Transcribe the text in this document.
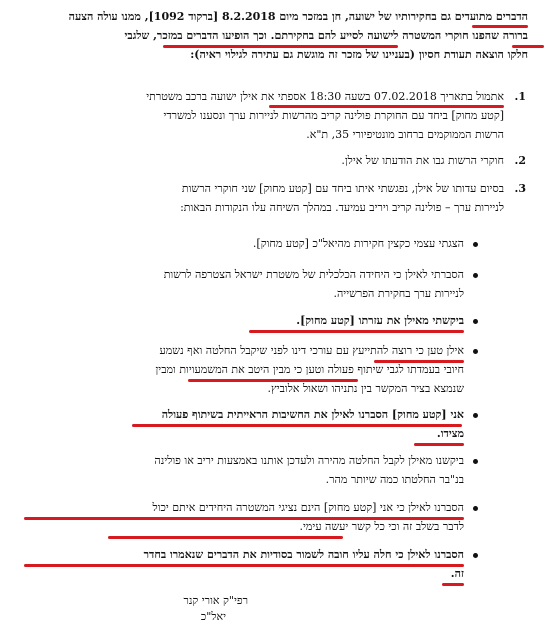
הדברים מתועדים גם בחקירותיו של ישועה, חן במזכר מיום 8.2.2018 [ברקוד 1092], ממנו עולה הצעה
ברורה שהפנו חוקרי המשטרה לישועה לסייע להם בחקירתם. וכך הופיעו הדברים במזכר, שלגבי
חלקו הוצאה תעודת חסיון (בעניינו של מזכר זה מוגשת גם עתירה לגילוי ראיה):
1.
אתמול בתאריך 07.02.2018 בשעה 18:30 אספתי את אילן ישועה ברכב משטרתי
[קטע מחוק] ביחד עם החוקרת פולינה קריב מהרשות לניירות ערך ונסענו למשרדי
הרשות הממוקמים ברחוב מונטיפיורי 35, ת"א.
2.
חוקרי הרשות גבו את הודעתו של אילן.
3.
בסיום עדותו של אילן, נפגשתי איתו ביחד עם [קטע מחוק] שני חוקרי הרשות
לניירות ערך – פולינה קריב ויריב עמיעד. במהלך השיחה עלו הנקודות הבאות:
הצגתי עצמי כקצין חקירות מהיאל"כ [קטע מחוק].
הסברתי לאילן כי היחידה הכלכלית של משטרת ישראל הצטרפה לרשות
לניירות ערך בחקירת הפרשייה.
ביקשתי מאילן את עזרתו [קטע מחוק].
אילן טען כי רוצה להתייעץ עם עורכי דינו לפני שיקבל החלטה ואף נשמע
חיובי בעמדתו לגבי שיתוף פעולה וטען כי מבין היטב את המשמעויות ומבין
שנמצא בציר המקשר בין נתניהו ושאול אלוביץ.
אני [קטע מחוק] הסברנו לאילן את החשיבות הראייתית בשיתוף פעולה
מצידו.
ביקשנו מאילן לקבל החלטה מהירה ולעדכן אותנו באמצעות יריב או פולינה
בנ"בר החלטתו כמה שיותר מהר.
הסברנו לאילן כי אני [קטע מחוק] הינם נציגי המשטרה היחידים איתם יכול
לדבר בשלב זה וכי כל קשר יעשה עימי.
הסברנו לאילן כי חלה עליו חובה לשמור בסודיות את הדברים שנאמרו בחדר
זה.
רפי"ק אורי קנר
יאל"כ
